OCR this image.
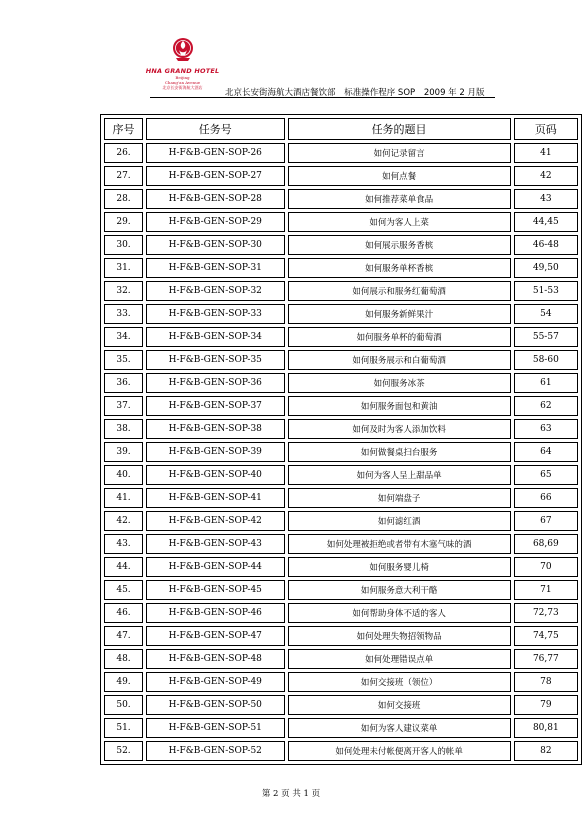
HNA GRAND HOTEL
Beijing
Chang'an Avenue
北京长安街海航大酒店
北京长安街海航大酒店餐饮部 标准操作程序 SOP 2009 年 2 月版
序号	任务号	任务的题目	页码
26.	H-F&B-GEN-SOP-26	如何记录留言	41
27.	H-F&B-GEN-SOP-27	如何点餐	42
28.	H-F&B-GEN-SOP-28	如何推荐菜单食品	43
29.	H-F&B-GEN-SOP-29	如何为客人上菜	44,45
30.	H-F&B-GEN-SOP-30	如何展示服务香槟	46-48
31.	H-F&B-GEN-SOP-31	如何服务单杯香槟	49,50
32.	H-F&B-GEN-SOP-32	如何展示和服务红葡萄酒	51-53
33.	H-F&B-GEN-SOP-33	如何服务新鲜果汁	54
34.	H-F&B-GEN-SOP-34	如何服务单杯的葡萄酒	55-57
35.	H-F&B-GEN-SOP-35	如何服务展示和白葡萄酒	58-60
36.	H-F&B-GEN-SOP-36	如何服务冰茶	61
37.	H-F&B-GEN-SOP-37	如何服务面包和黄油	62
38.	H-F&B-GEN-SOP-38	如何及时为客人添加饮料	63
39.	H-F&B-GEN-SOP-39	如何做餐桌扫台服务	64
40.	H-F&B-GEN-SOP-40	如何为客人呈上甜品单	65
41.	H-F&B-GEN-SOP-41	如何端盘子	66
42.	H-F&B-GEN-SOP-42	如何滤红酒	67
43.	H-F&B-GEN-SOP-43	如何处理被拒绝或者带有木塞气味的酒	68,69
44.	H-F&B-GEN-SOP-44	如何服务婴儿椅	70
45.	H-F&B-GEN-SOP-45	如何服务意大利干酪	71
46.	H-F&B-GEN-SOP-46	如何帮助身体不适的客人	72,73
47.	H-F&B-GEN-SOP-47	如何处理失物招领物品	74,75
48.	H-F&B-GEN-SOP-48	如何处理错误点单	76,77
49.	H-F&B-GEN-SOP-49	如何交接班（领位）	78
50.	H-F&B-GEN-SOP-50	如何交接班	79
51.	H-F&B-GEN-SOP-51	如何为客人建议菜单	80,81
52.	H-F&B-GEN-SOP-52	如何处理未付帐便离开客人的帐单	82
第 2 页 共 1 页
